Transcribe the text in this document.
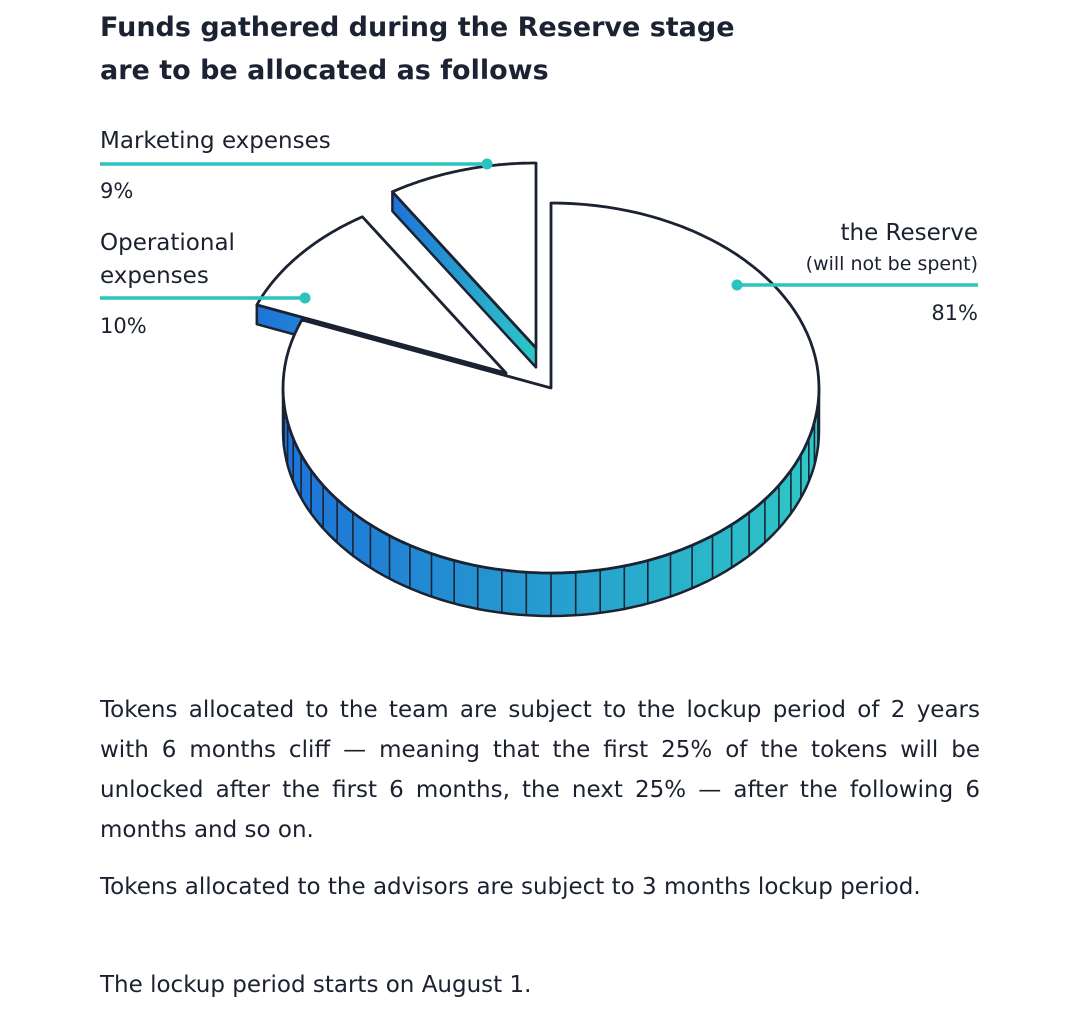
Funds gathered during the Reserve stage
are to be allocated as follows
the Reserve
(will not be spent)
81%
Operational
expenses
10%
Marketing expenses
9%

Tokens allocated to the team are subject to the lockup period of 2 years with 6 months cliff — meaning that the first 25% of the tokens will be unlocked after the first 6 months, the next 25% — after the following 6 months and so on.

Tokens allocated to the advisors are subject to 3 months lockup period.

The lockup period starts on August 1.
